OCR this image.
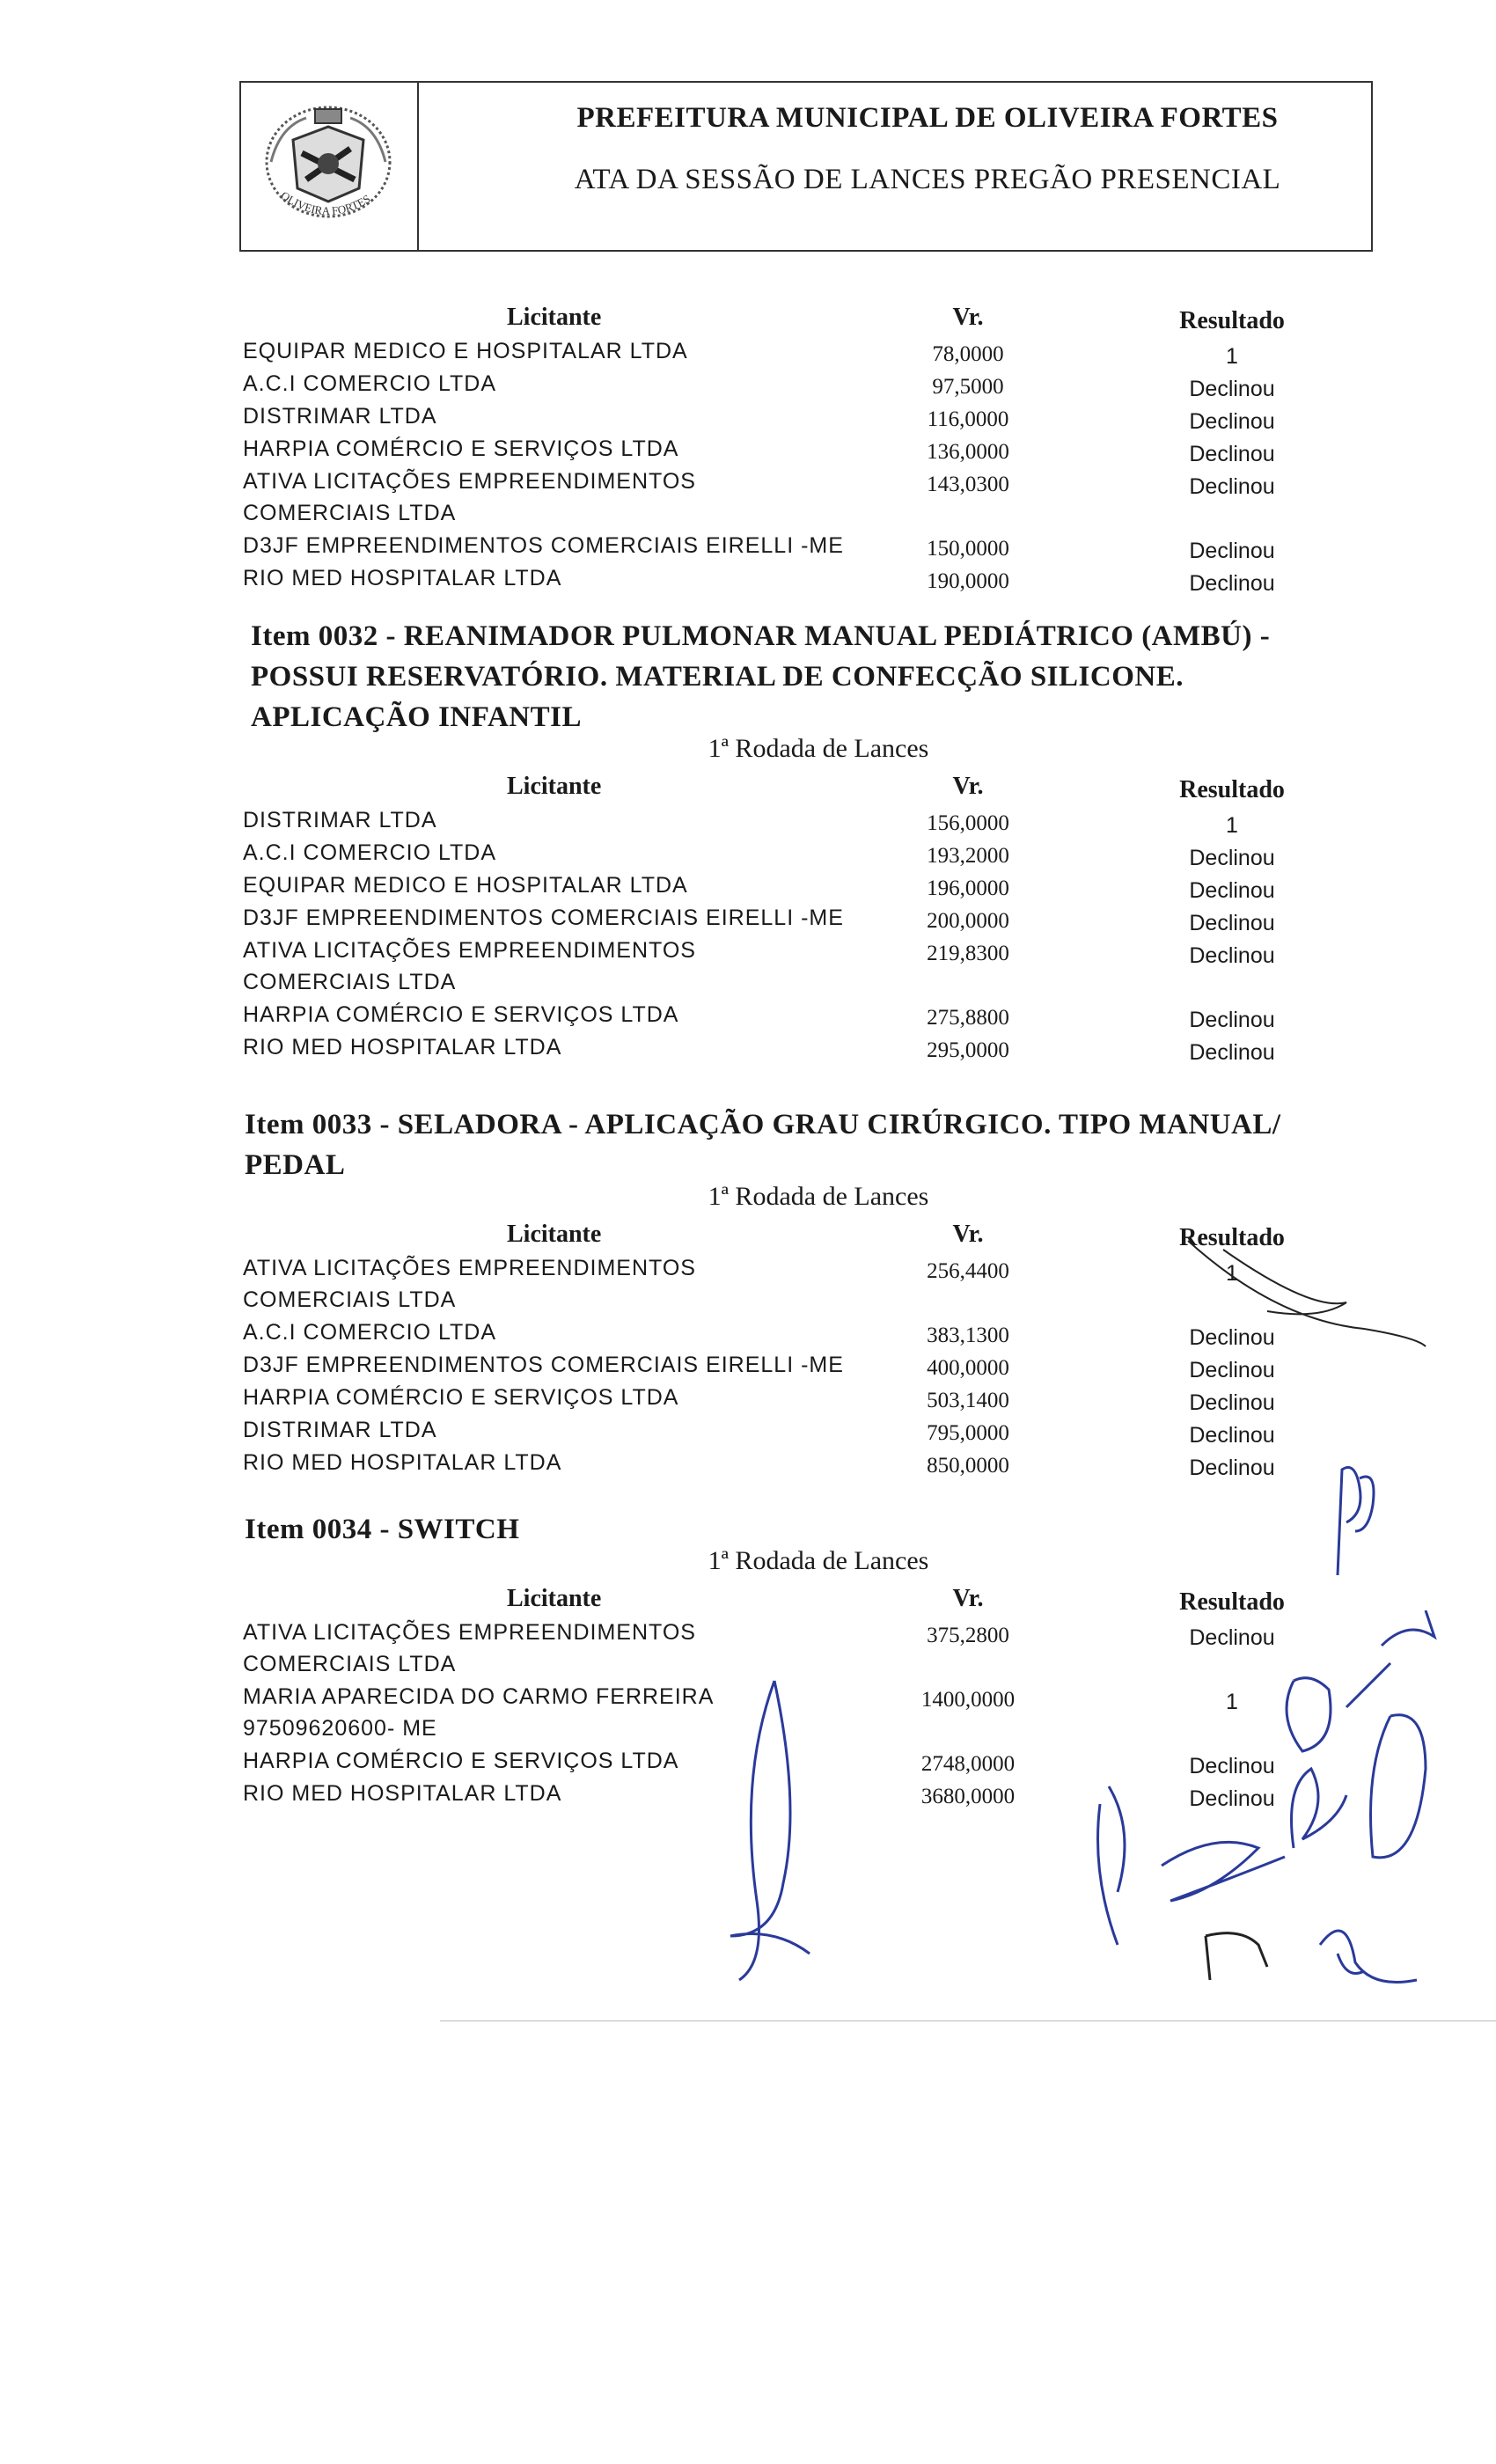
OLIVEIRA FORTES
PREFEITURA MUNICIPAL DE OLIVEIRA FORTES
ATA DA SESSÃO DE LANCES PREGÃO PRESENCIAL
Licitante	Vr.	Resultado
EQUIPAR MEDICO E HOSPITALAR LTDA	78,0000	1
A.C.I COMERCIO LTDA	97,5000	Declinou
DISTRIMAR LTDA	116,0000	Declinou
HARPIA COMÉRCIO E SERVIÇOS LTDA	136,0000	Declinou
ATIVA LICITAÇÕES EMPREENDIMENTOS
COMERCIAIS LTDA
143,0300	Declinou
D3JF EMPREENDIMENTOS COMERCIAIS EIRELLI -ME	150,0000	Declinou
RIO MED HOSPITALAR LTDA	190,0000	Declinou
Item 0032 - REANIMADOR PULMONAR MANUAL PEDIÁTRICO (AMBÚ) -
POSSUI RESERVATÓRIO. MATERIAL DE CONFECÇÃO SILICONE.
APLICAÇÃO INFANTIL
1ª Rodada de Lances
Licitante	Vr.	Resultado
DISTRIMAR LTDA	156,0000	1
A.C.I COMERCIO LTDA	193,2000	Declinou
EQUIPAR MEDICO E HOSPITALAR LTDA	196,0000	Declinou
D3JF EMPREENDIMENTOS COMERCIAIS EIRELLI -ME	200,0000	Declinou
ATIVA LICITAÇÕES EMPREENDIMENTOS
COMERCIAIS LTDA
219,8300	Declinou
HARPIA COMÉRCIO E SERVIÇOS LTDA	275,8800	Declinou
RIO MED HOSPITALAR LTDA	295,0000	Declinou
Item 0033 - SELADORA - APLICAÇÃO GRAU CIRÚRGICO. TIPO MANUAL/
PEDAL
1ª Rodada de Lances
Licitante	Vr.	Resultado
ATIVA LICITAÇÕES EMPREENDIMENTOS
COMERCIAIS LTDA
256,4400	1
A.C.I COMERCIO LTDA	383,1300	Declinou
D3JF EMPREENDIMENTOS COMERCIAIS EIRELLI -ME	400,0000	Declinou
HARPIA COMÉRCIO E SERVIÇOS LTDA	503,1400	Declinou
DISTRIMAR LTDA	795,0000	Declinou
RIO MED HOSPITALAR LTDA	850,0000	Declinou
Item 0034 - SWITCH
1ª Rodada de Lances
Licitante	Vr.	Resultado
ATIVA LICITAÇÕES EMPREENDIMENTOS
COMERCIAIS LTDA
375,2800	Declinou
MARIA APARECIDA DO CARMO FERREIRA
97509620600- ME
1400,0000	1
HARPIA COMÉRCIO E SERVIÇOS LTDA	2748,0000	Declinou
RIO MED HOSPITALAR LTDA	3680,0000	Declinou
